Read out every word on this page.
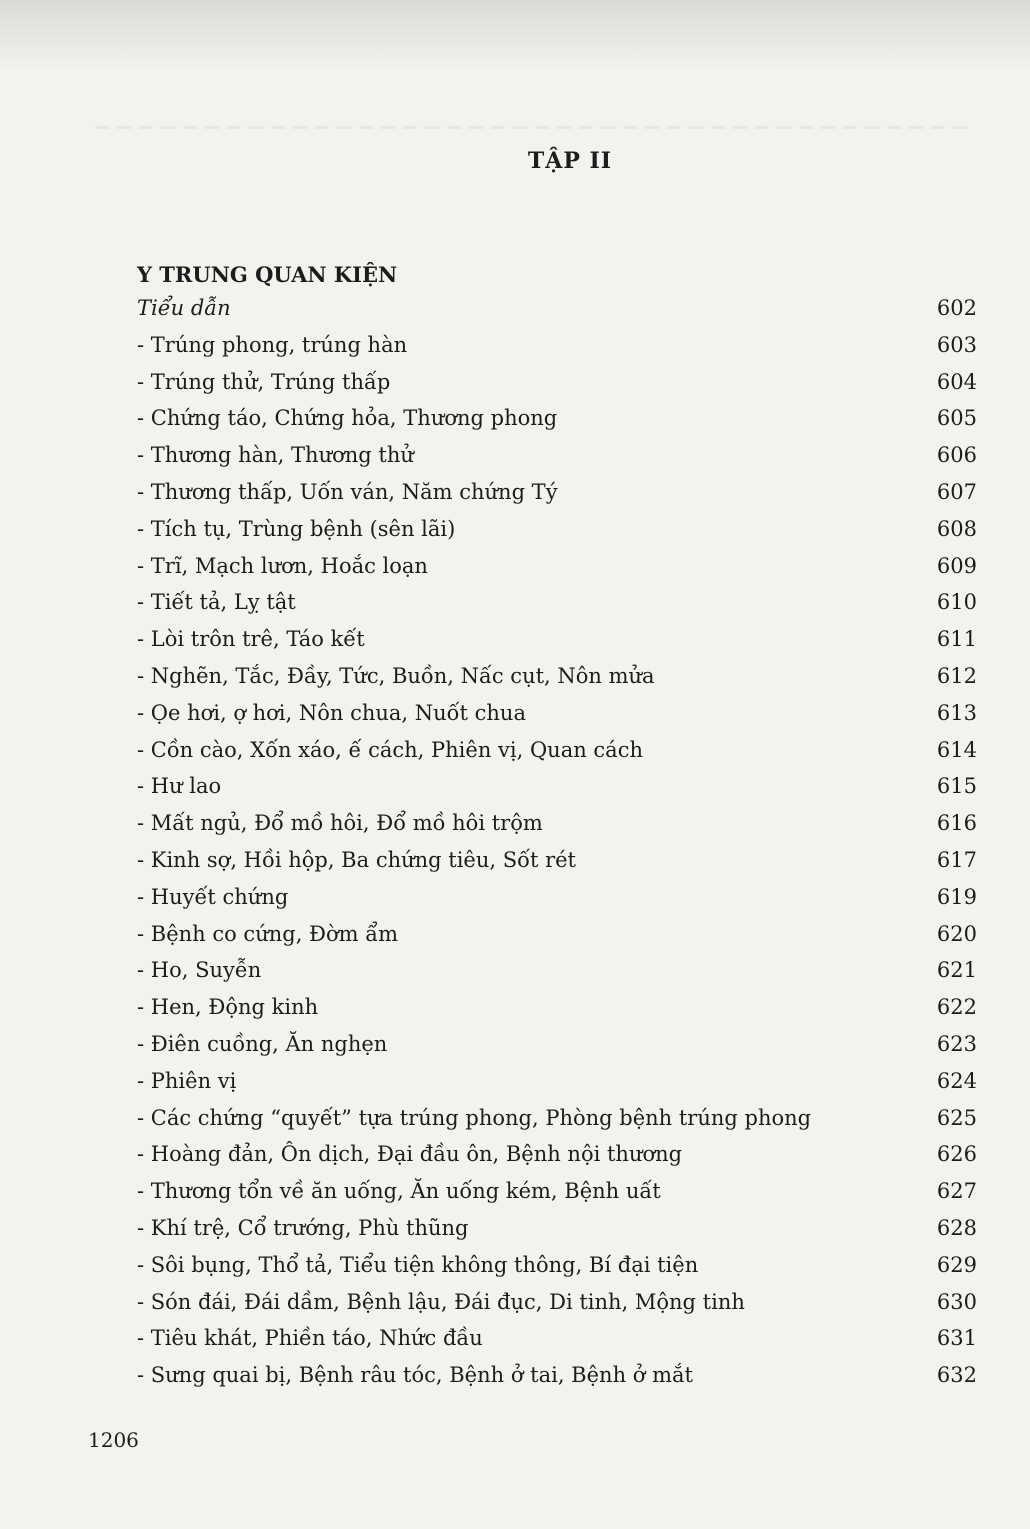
TẬP II
Y TRUNG QUAN KIỆN
Tiểu dẫn	602
- Trúng phong, trúng hàn	603
- Trúng thử, Trúng thấp	604
- Chứng táo, Chứng hỏa, Thương phong	605
- Thương hàn, Thương thử	606
- Thương thấp, Uốn ván, Năm chứng Tý	607
- Tích tụ, Trùng bệnh (sên lãi)	608
- Trĩ, Mạch lươn, Hoắc loạn	609
- Tiết tả, Lỵ tật	610
- Lòi trôn trê, Táo kết	611
- Nghẽn, Tắc, Đầy, Tức, Buồn, Nấc cụt, Nôn mửa	612
- Ọe hơi, ợ hơi, Nôn chua, Nuốt chua	613
- Cồn cào, Xốn xáo, ế cách, Phiên vị, Quan cách	614
- Hư lao	615
- Mất ngủ, Đổ mồ hôi, Đổ mồ hôi trộm	616
- Kinh sợ, Hồi hộp, Ba chứng tiêu, Sốt rét	617
- Huyết chứng	619
- Bệnh co cứng, Đờm ẩm	620
- Ho, Suyễn	621
- Hen, Động kinh	622
- Điên cuồng, Ăn nghẹn	623
- Phiên vị	624
- Các chứng “quyết” tựa trúng phong, Phòng bệnh trúng phong	625
- Hoàng đản, Ôn dịch, Đại đầu ôn, Bệnh nội thương	626
- Thương tổn về ăn uống, Ăn uống kém, Bệnh uất	627
- Khí trệ, Cổ trướng, Phù thũng	628
- Sôi bụng, Thổ tả, Tiểu tiện không thông, Bí đại tiện	629
- Són đái, Đái dầm, Bệnh lậu, Đái đục, Di tinh, Mộng tinh	630
- Tiêu khát, Phiền táo, Nhức đầu	631
- Sưng quai bị, Bệnh râu tóc, Bệnh ở tai, Bệnh ở mắt	632
1206
